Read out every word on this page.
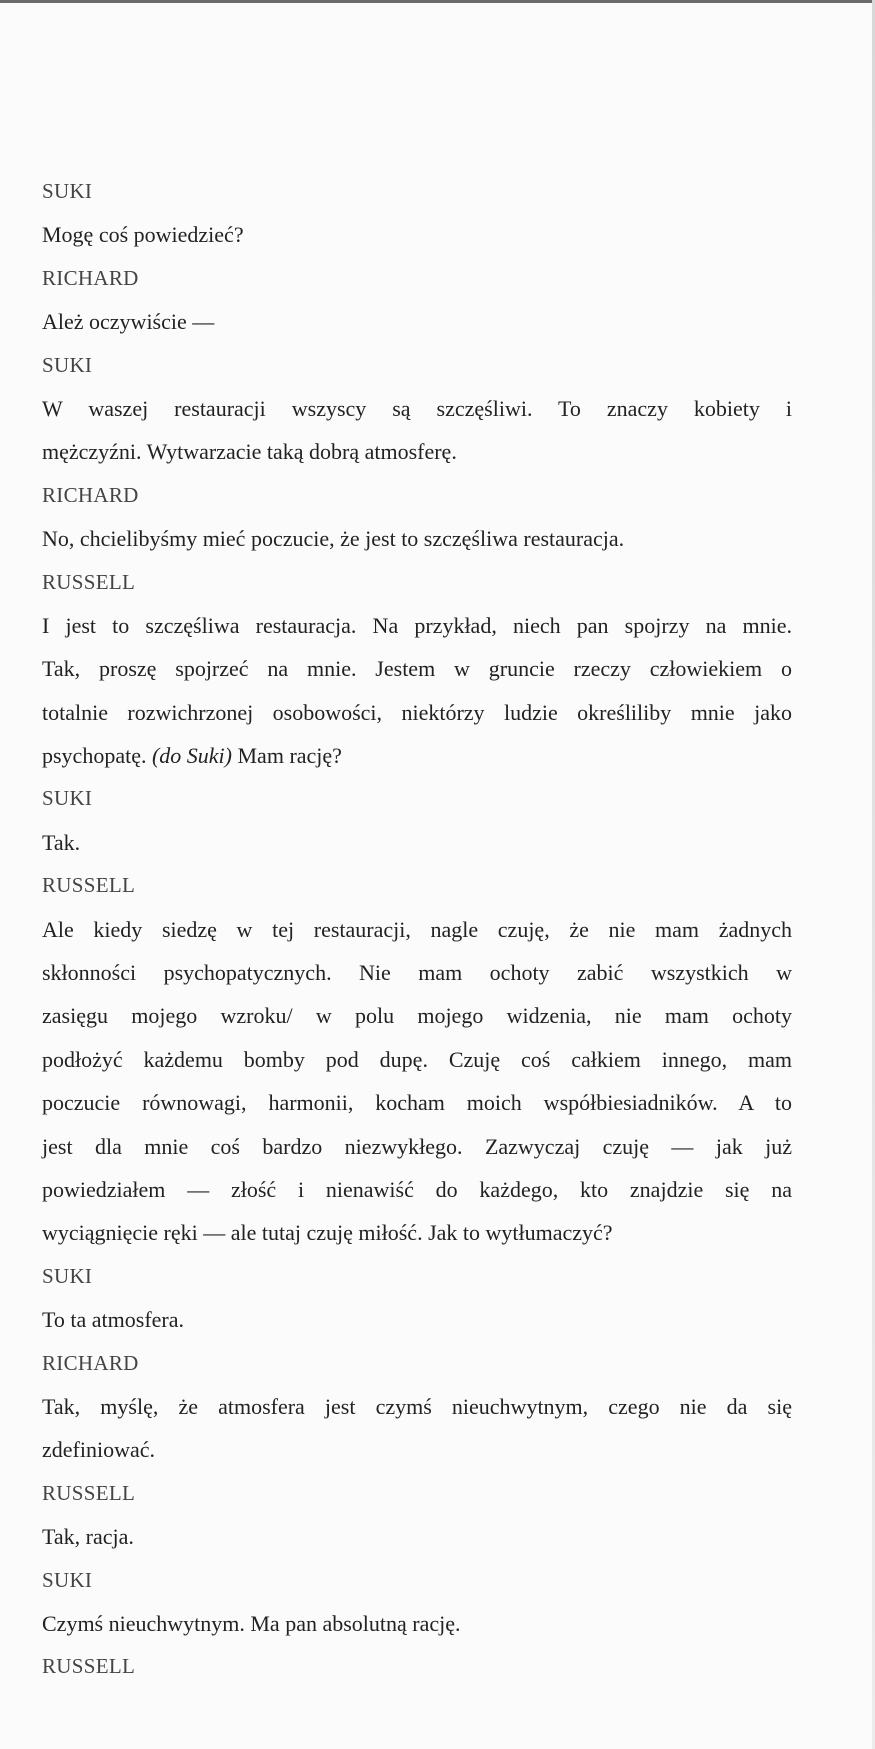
SUKI
Mogę coś powiedzieć?
RICHARD
Ależ oczywiście —
SUKI
W waszej restauracji wszyscy są szczęśliwi. To znaczy kobiety i
mężczyźni. Wytwarzacie taką dobrą atmosferę.
RICHARD
No, chcielibyśmy mieć poczucie, że jest to szczęśliwa restauracja.
RUSSELL
I jest to szczęśliwa restauracja. Na przykład, niech pan spojrzy na mnie.
Tak, proszę spojrzeć na mnie. Jestem w gruncie rzeczy człowiekiem o
totalnie rozwichrzonej osobowości, niektórzy ludzie określiliby mnie jako
psychopatę. (do Suki) Mam rację?
SUKI
Tak.
RUSSELL
Ale kiedy siedzę w tej restauracji, nagle czuję, że nie mam żadnych
skłonności psychopatycznych. Nie mam ochoty zabić wszystkich w
zasięgu mojego wzroku/ w polu mojego widzenia, nie mam ochoty
podłożyć każdemu bomby pod dupę. Czuję coś całkiem innego, mam
poczucie równowagi, harmonii, kocham moich współbiesiadników. A to
jest dla mnie coś bardzo niezwykłego. Zazwyczaj czuję — jak już
powiedziałem — złość i nienawiść do każdego, kto znajdzie się na
wyciągnięcie ręki — ale tutaj czuję miłość. Jak to wytłumaczyć?
SUKI
To ta atmosfera.
RICHARD
Tak, myślę, że atmosfera jest czymś nieuchwytnym, czego nie da się
zdefiniować.
RUSSELL
Tak, racja.
SUKI
Czymś nieuchwytnym. Ma pan absolutną rację.
RUSSELL
